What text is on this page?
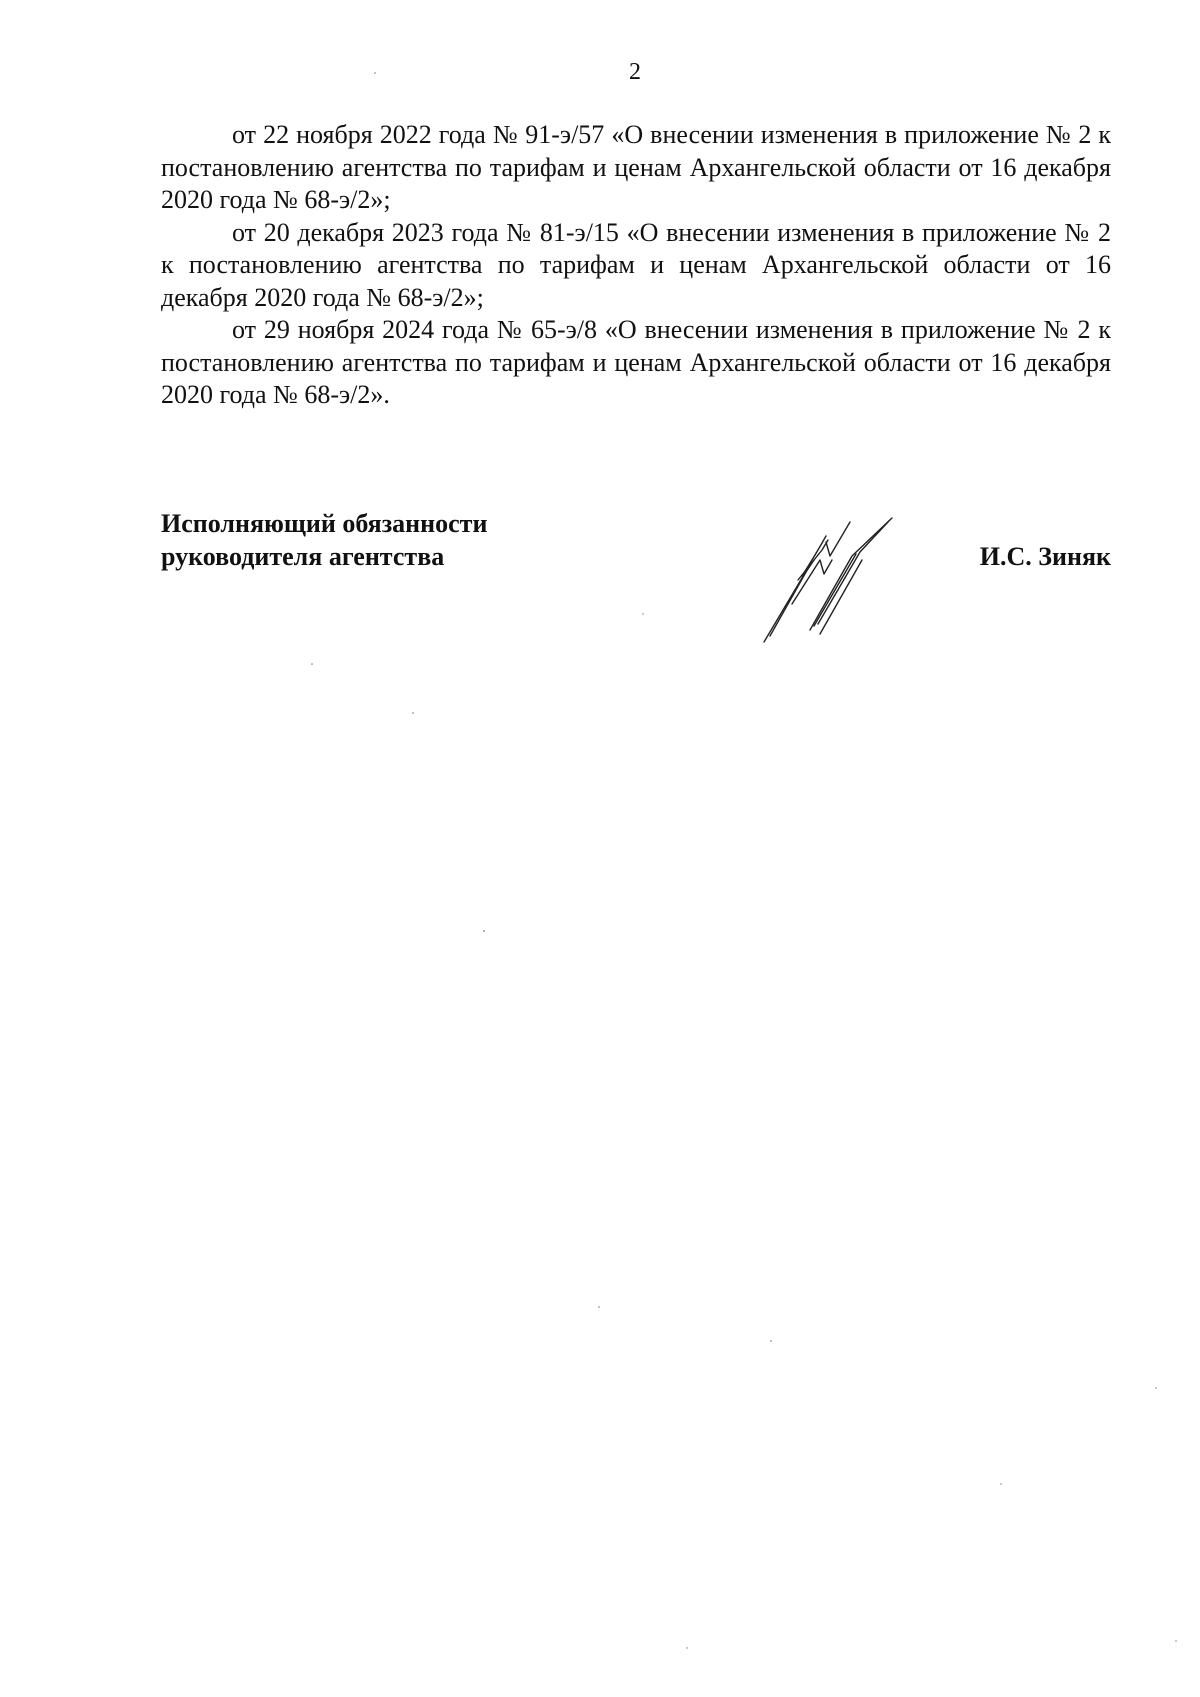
2

от 22 ноября 2022 года № 91-э/57 «О внесении изменения в приложение № 2 к постановлению агентства по тарифам и ценам Архангельской области от 16 декабря 2020 года № 68-э/2»;

от 20 декабря 2023 года № 81-э/15 «О внесении изменения в приложение № 2 к постановлению агентства по тарифам и ценам Архангельской области от 16 декабря 2020 года № 68-э/2»;

от 29 ноября 2024 года № 65-э/8 «О внесении изменения в приложение № 2 к постановлению агентства по тарифам и ценам Архангельской области от 16 декабря 2020 года № 68-э/2».

Исполняющий обязанности
руководителя агентства	И.С. Зиняк
